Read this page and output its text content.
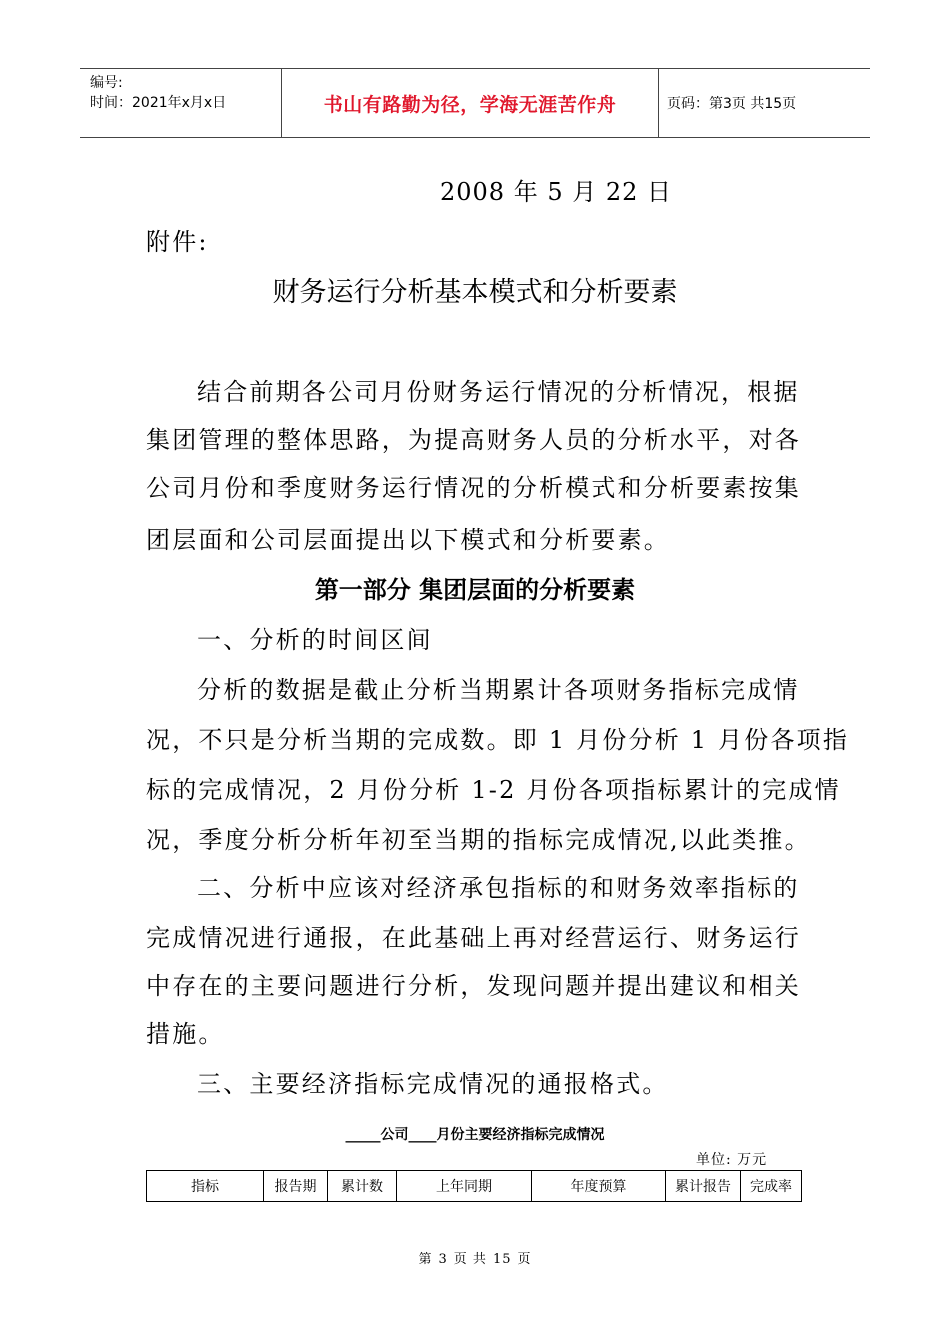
编号:
时间：2021年x月x日	书山有路勤为径，学海无涯苦作舟	页码：第3页 共15页
2008 年 5 月 22 日
附件:
财务运行分析基本模式和分析要素
结合前期各公司月份财务运行情况的分析情况，根据
集团管理的整体思路，为提高财务人员的分析水平，对各
公司月份和季度财务运行情况的分析模式和分析要素按集
团层面和公司层面提出以下模式和分析要素。
第一部分 集团层面的分析要素
一、分析的时间区间
分析的数据是截止分析当期累计各项财务指标完成情
况，不只是分析当期的完成数。即 1 月份分析 1 月份各项指
标的完成情况，2 月份分析 1-2 月份各项指标累计的完成情
况，季度分析分析年初至当期的指标完成情况,以此类推。
二、分析中应该对经济承包指标的和财务效率指标的
完成情况进行通报，在此基础上再对经营运行、财务运行
中存在的主要问题进行分析，发现问题并提出建议和相关
措施。
三、主要经济指标完成情况的通报格式。
_____公司____月份主要经济指标完成情况
单位: 万元
指标	报告期	累计数	上年同期	年度预算	累计报告	完成率
第 3 页 共 15 页
